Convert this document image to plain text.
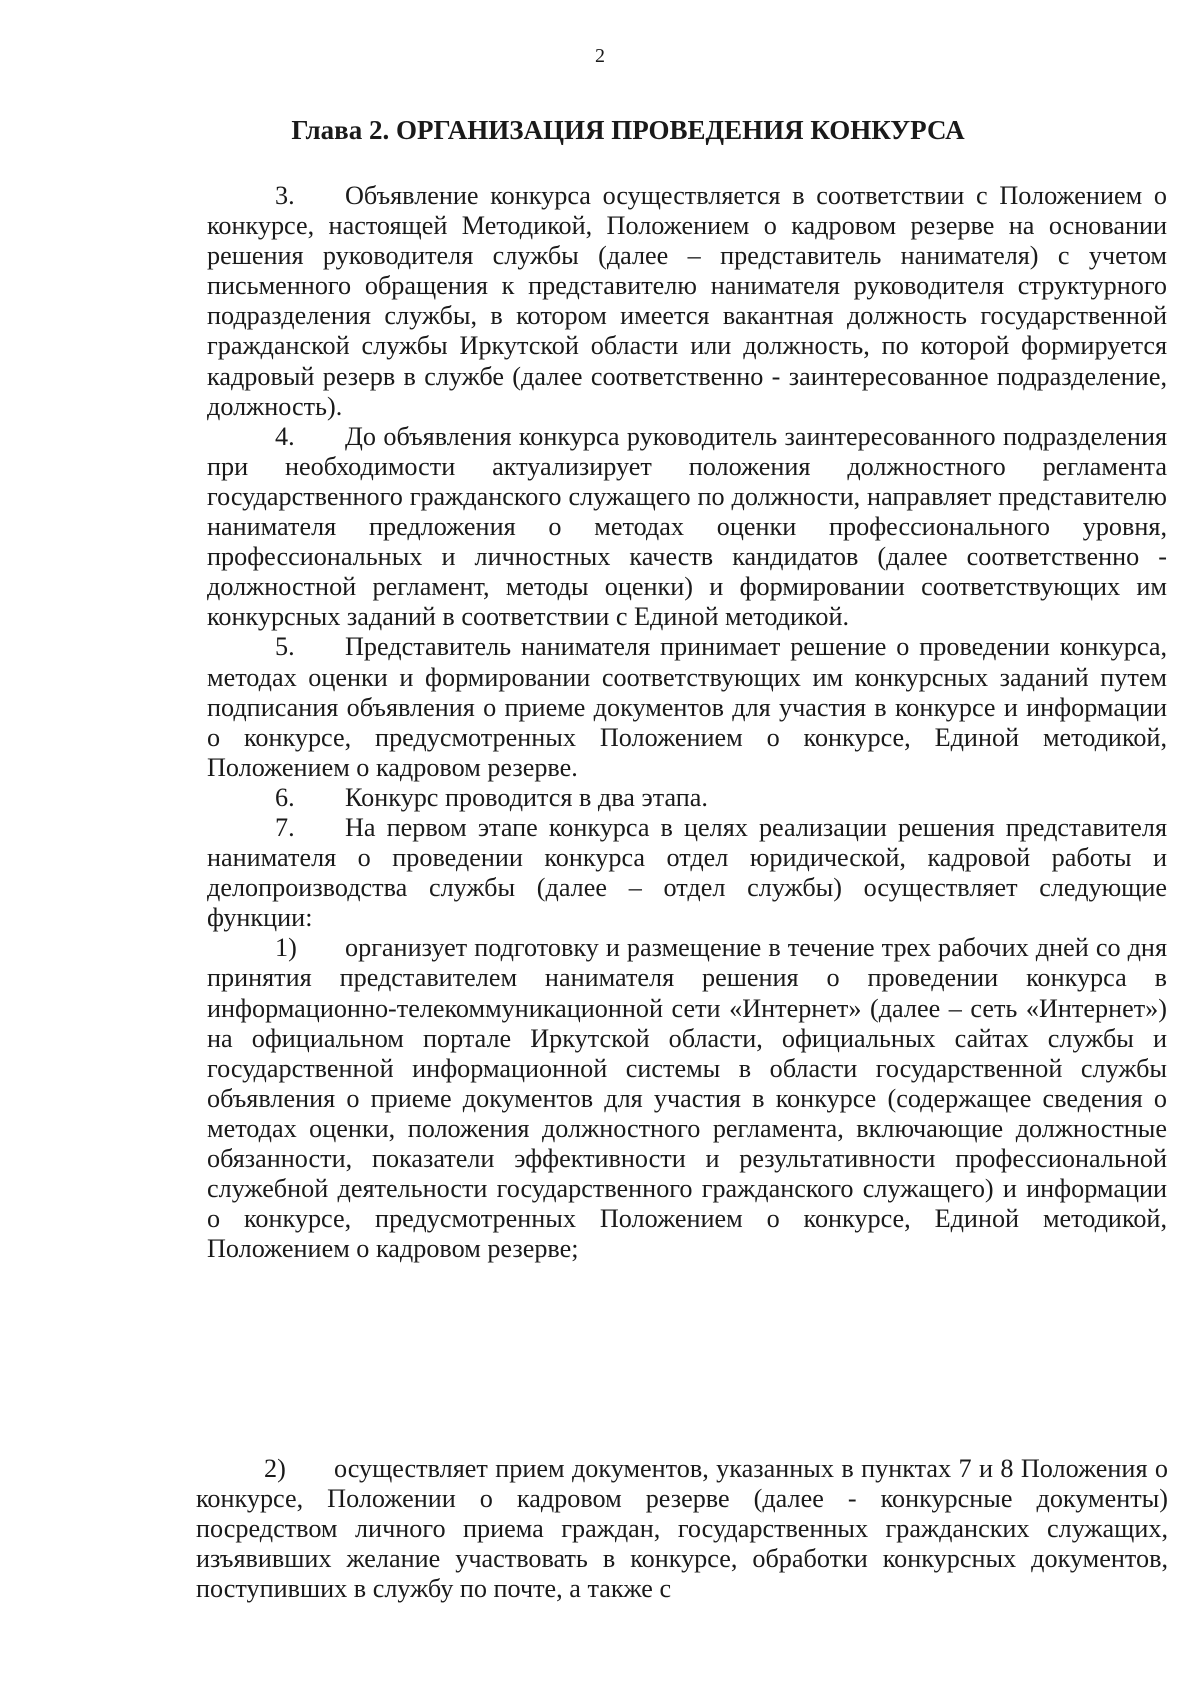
2
Глава 2. ОРГАНИЗАЦИЯ ПРОВЕДЕНИЯ КОНКУРСА

3. Объявление конкурса осуществляется в соответствии с Положением о конкурсе, настоящей Методикой, Положением о кадровом резерве на основании решения руководителя службы (далее – представитель нанимателя) с учетом письменного обращения к представителю нанимателя руководителя структурного подразделения службы, в котором имеется вакантная должность государственной гражданской службы Иркутской области или должность, по которой формируется кадровый резерв в службе (далее соответственно - заинтересованное подразделение, должность).

4. До объявления конкурса руководитель заинтересованного подразделения при необходимости актуализирует положения должностного регламента государственного гражданского служащего по должности, направляет представителю нанимателя предложения о методах оценки профессионального уровня, профессиональных и личностных качеств кандидатов (далее соответственно - должностной регламент, методы оценки) и формировании соответствующих им конкурсных заданий в соответствии с Единой методикой.

5. Представитель нанимателя принимает решение о проведении конкурса, методах оценки и формировании соответствующих им конкурсных заданий путем подписания объявления о приеме документов для участия в конкурсе и информации о конкурсе, предусмотренных Положением о конкурсе, Единой методикой, Положением о кадровом резерве.

6. Конкурс проводится в два этапа.

7. На первом этапе конкурса в целях реализации решения представителя нанимателя о проведении конкурса отдел юридической, кадровой работы и делопроизводства службы (далее – отдел службы) осуществляет следующие функции:

1) организует подготовку и размещение в течение трех рабочих дней со дня принятия представителем нанимателя решения о проведении конкурса в информационно-телекоммуникационной сети «Интернет» (далее – сеть «Интернет») на официальном портале Иркутской области, официальных сайтах службы и государственной информационной системы в области государственной службы объявления о приеме документов для участия в конкурсе (содержащее сведения о методах оценки, положения должностного регламента, включающие должностные обязанности, показатели эффективности и результативности профессиональной служебной деятельности государственного гражданского служащего) и информации о конкурсе, предусмотренных Положением о конкурсе, Единой методикой, Положением о кадровом резерве;

2) осуществляет прием документов, указанных в пунктах 7 и 8 Положения о конкурсе, Положении о кадровом резерве (далее - конкурсные документы) посредством личного приема граждан, государственных гражданских служащих, изъявивших желание участвовать в конкурсе, обработки конкурсных документов, поступивших в службу по почте, а также с
